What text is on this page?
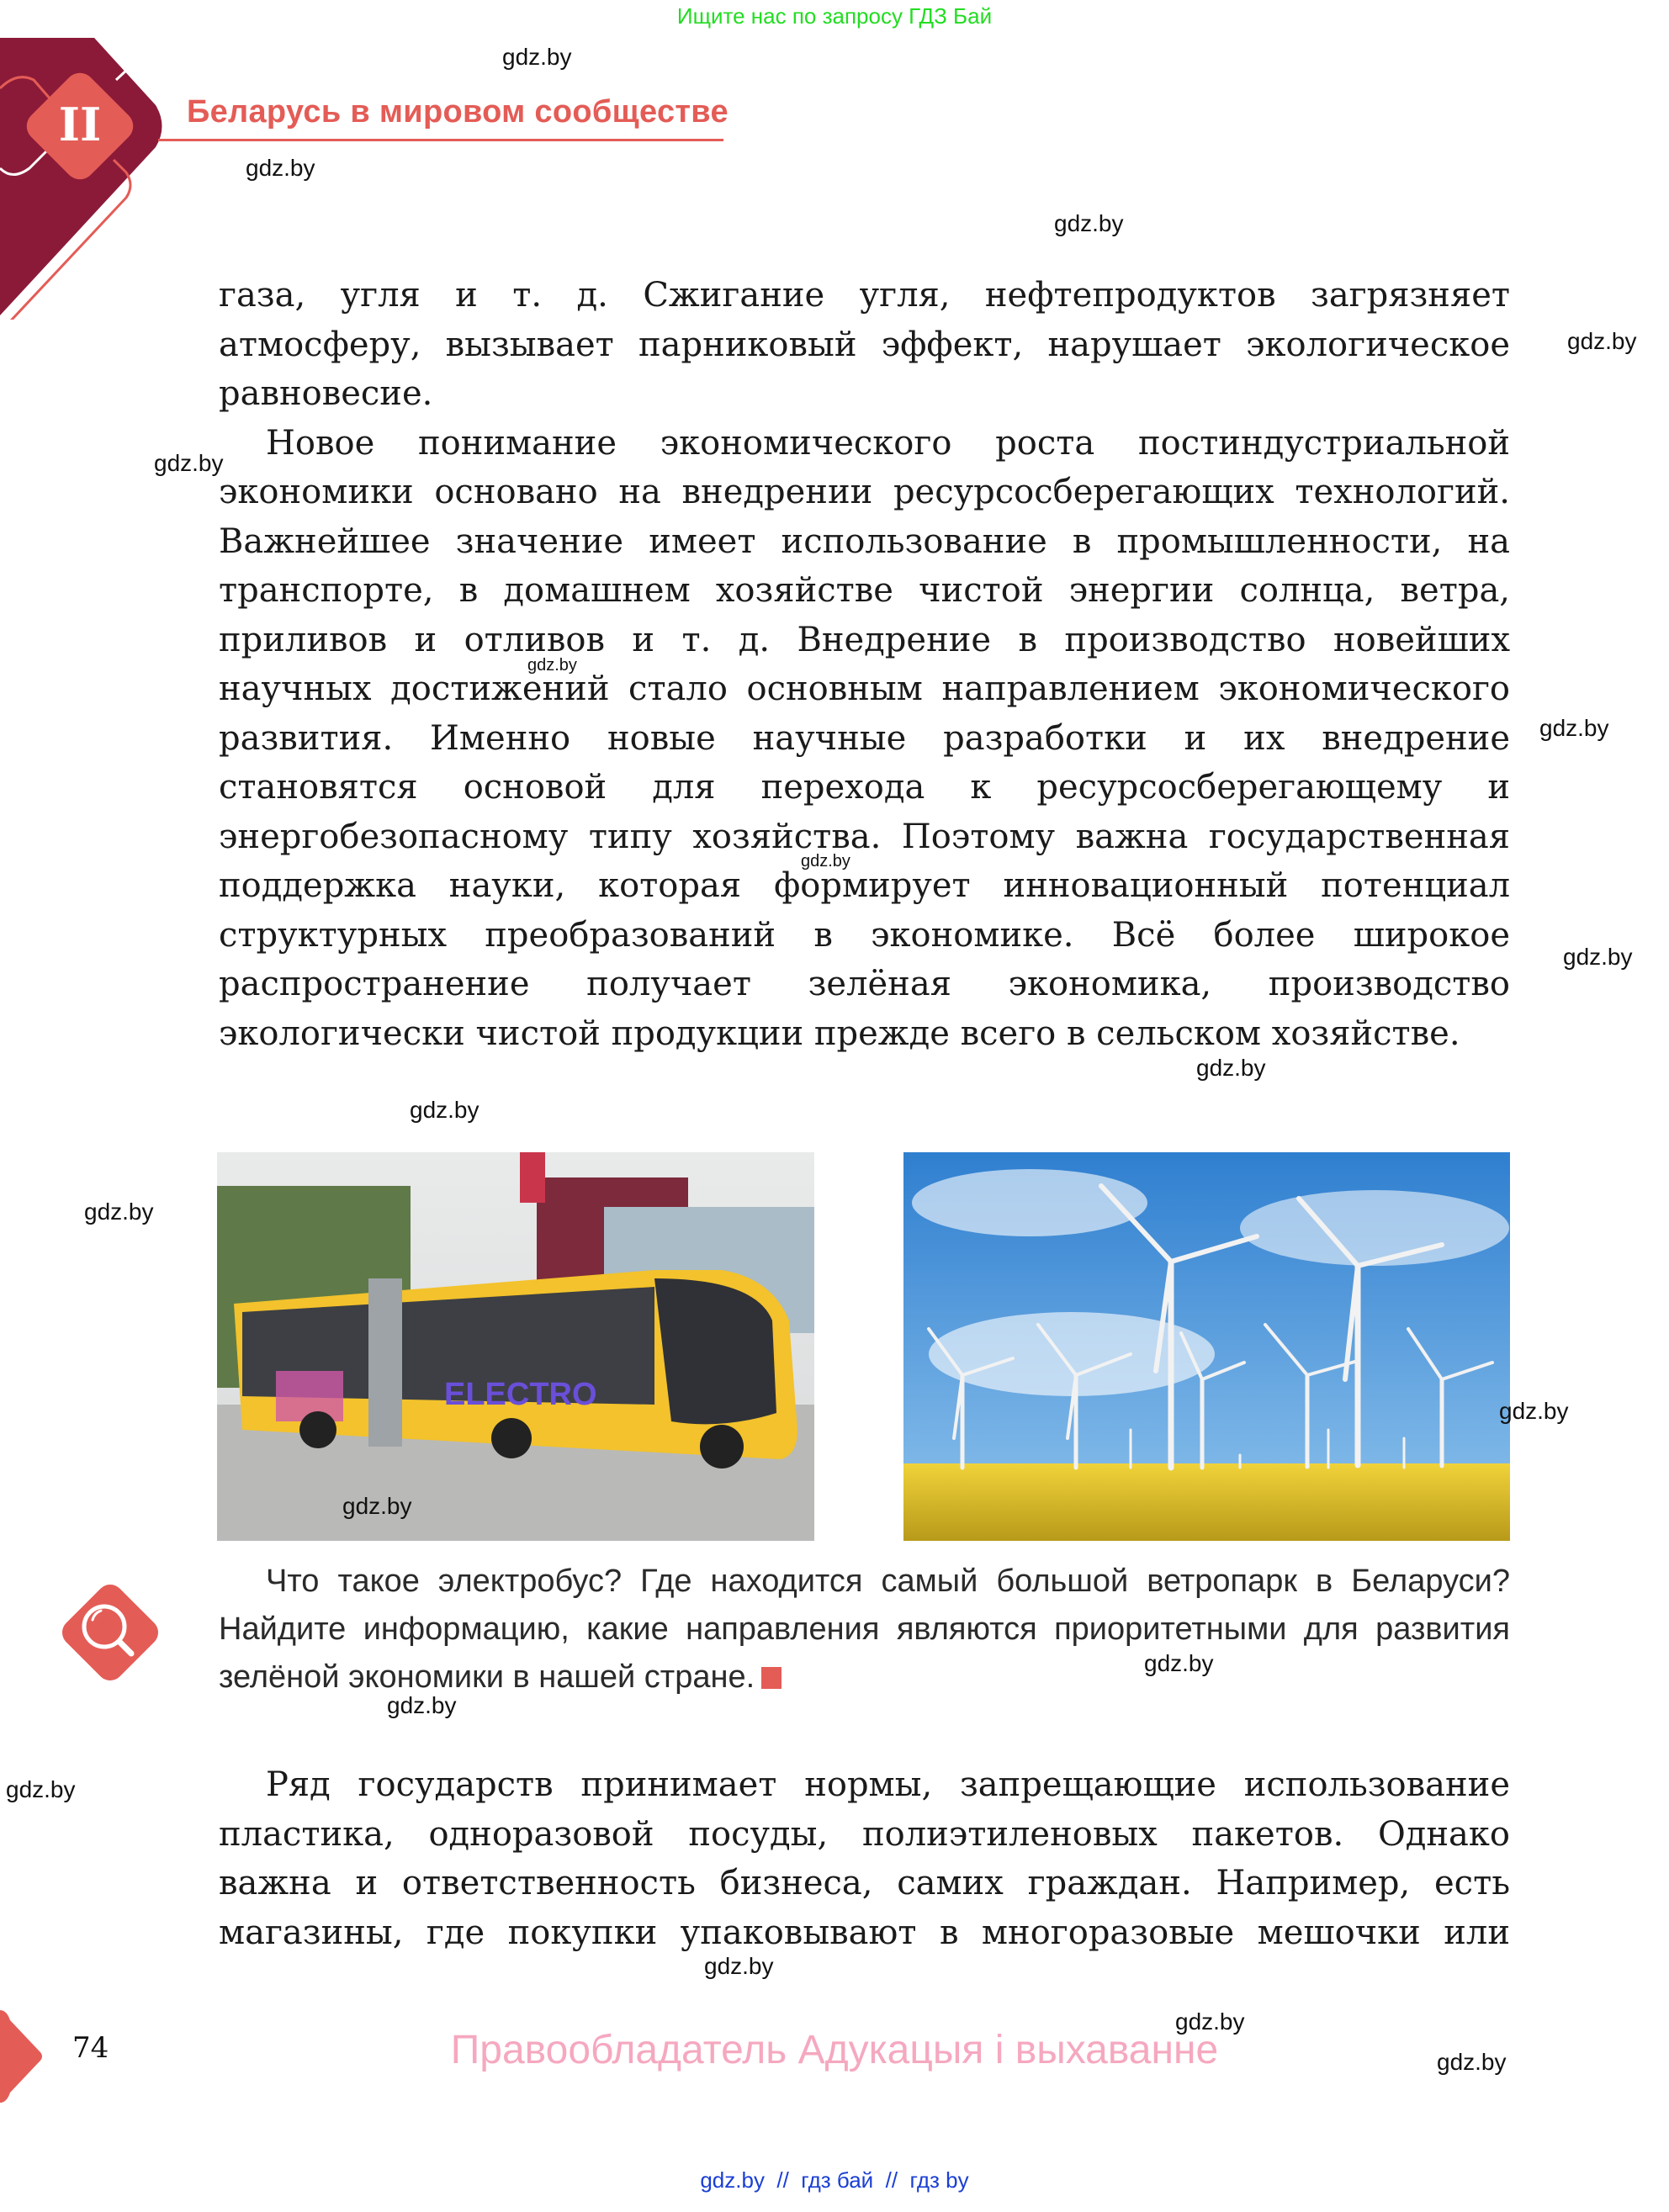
Ищите нас по запросу ГДЗ Бай
II	Беларусь в мировом сообществе

газа, угля и т. д. Сжигание угля, нефтепродуктов загрязняет атмосферу, вызывает парниковый эффект, нарушает экологическое равновесие.

Новое понимание экономического роста постиндустриальной экономики основано на внедрении ресурсосберегающих технологий. Важнейшее значение имеет использование в промышленности, на транспорте, в домашнем хозяйстве чистой энергии солнца, ветра, приливов и отливов и т. д. Внедрение в производство новейших научных достижений стало основным направлением экономического развития. Именно новые научные разработки и их внедрение становятся основой для перехода к ресурсосберегающему и энергобезопасному типу хозяйства. Поэтому важна государственная поддержка науки, которая формирует инновационный потенциал структурных преобразований в экономике. Всё более широкое распространение получает зелёная экономика, производство экологически чистой продукции прежде всего в сельском хозяйстве.

ELECTRO

Что такое электробус? Где находится самый большой ветропарк в Беларуси? Найдите информацию, какие направления являются приоритетными для развития зелёной экономики в нашей стране.

Ряд государств принимает нормы, запрещающие использование пластика, одноразовой посуды, полиэтиленовых пакетов. Однако важна и ответственность бизнеса, самих граждан. Например, есть магазины, где покупки упаковывают в многоразовые мешочки или

74	Правообладатель Адукацыя і выхаванне
gdz.by  //  гдз бай  //  гдз by
gdz.by
gdz.by
gdz.by
gdz.by
gdz.by
gdz.by
gdz.by
gdz.by
gdz.by
gdz.by
gdz.by
gdz.by
gdz.by
gdz.by
gdz.by
gdz.by
gdz.by
gdz.by
gdz.by
gdz.by
